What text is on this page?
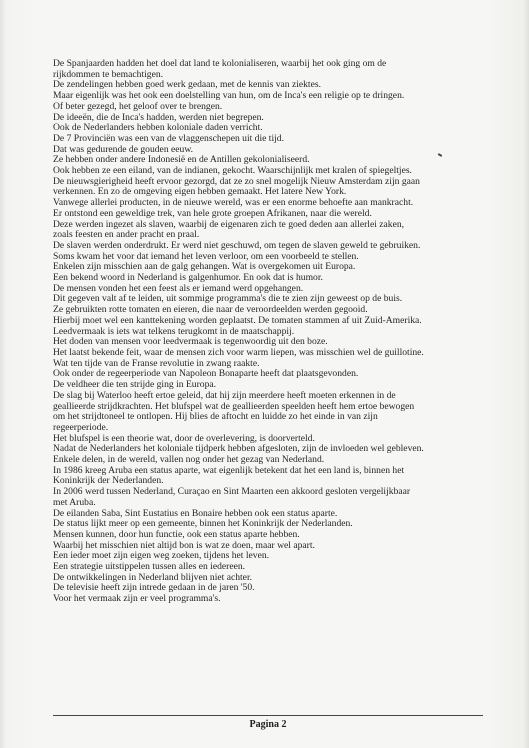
De Spanjaarden hadden het doel dat land te kolonialiseren, waarbij het ook ging om de
rijkdommen te bemachtigen.
De zendelingen hebben goed werk gedaan, met de kennis van ziektes.
Maar eigenlijk was het ook een doelstelling van hun, om de Inca's een religie op te dringen.
Of beter gezegd, het geloof over te brengen.
De ideeën, die de Inca's hadden, werden niet begrepen.
Ook de Nederlanders hebben koloniale daden verricht.
De 7 Provinciën was een van de vlaggenschepen uit die tijd.
Dat was gedurende de gouden eeuw.
Ze hebben onder andere Indonesië en de Antillen gekolonialiseerd.
Ook hebben ze een eiland, van de indianen, gekocht. Waarschijnlijk met kralen of spiegeltjes.
De nieuwsgierigheid heeft ervoor gezorgd, dat ze zo snel mogelijk Nieuw Amsterdam zijn gaan
verkennen. En zo de omgeving eigen hebben gemaakt. Het latere New York.
Vanwege allerlei producten, in de nieuwe wereld, was er een enorme behoefte aan mankracht.
Er ontstond een geweldige trek, van hele grote groepen Afrikanen, naar die wereld.
Deze werden ingezet als slaven, waarbij de eigenaren zich te goed deden aan allerlei zaken,
zoals feesten en ander pracht en praal.
De slaven werden onderdrukt. Er werd niet geschuwd, om tegen de slaven geweld te gebruiken.
Soms kwam het voor dat iemand het leven verloor, om een voorbeeld te stellen.
Enkelen zijn misschien aan de galg gehangen. Wat is overgekomen uit Europa.
Een bekend woord in Nederland is galgenhumor. En ook dat is humor.
De mensen vonden het een feest als er iemand werd opgehangen.
Dit gegeven valt af te leiden, uit sommige programma's die te zien zijn geweest op de buis.
Ze gebruikten rotte tomaten en eieren, die naar de veroordeelden werden gegooid.
Hierbij moet wel een kanttekening worden geplaatst. De tomaten stammen af uit Zuid-Amerika.
Leedvermaak is iets wat telkens terugkomt in de maatschappij.
Het doden van mensen voor leedvermaak is tegenwoordig uit den boze.
Het laatst bekende feit, waar de mensen zich voor warm liepen, was misschien wel de guillotine.
Wat ten tijde van de Franse revolutie in zwang raakte.
Ook onder de regeerperiode van Napoleon Bonaparte heeft dat plaatsgevonden.
De veldheer die ten strijde ging in Europa.
De slag bij Waterloo heeft ertoe geleid, dat hij zijn meerdere heeft moeten erkennen in de
geallieerde strijdkrachten. Het blufspel wat de geallieerden speelden heeft hem ertoe bewogen
om het strijdtoneel te ontlopen. Hij blies de aftocht en luidde zo het einde in van zijn
regeerperiode.
Het blufspel is een theorie wat, door de overlevering, is doorverteld.
Nadat de Nederlanders het koloniale tijdperk hebben afgesloten, zijn de invloeden wel gebleven.
Enkele delen, in de wereld, vallen nog onder het gezag van Nederland.
In 1986 kreeg Aruba een status aparte, wat eigenlijk betekent dat het een land is, binnen het
Koninkrijk der Nederlanden.
In 2006 werd tussen Nederland, Curaçao en Sint Maarten een akkoord gesloten vergelijkbaar
met Aruba.
De eilanden Saba, Sint Eustatius en Bonaire hebben ook een status aparte.
De status lijkt meer op een gemeente, binnen het Koninkrijk der Nederlanden.
Mensen kunnen, door hun functie, ook een status aparte hebben.
Waarbij het misschien niet altijd bon is wat ze doen, maar wel apart.
Een ieder moet zijn eigen weg zoeken, tijdens het leven.
Een strategie uitstippelen tussen alles en iedereen.
De ontwikkelingen in Nederland blijven niet achter.
De televisie heeft zijn intrede gedaan in de jaren '50.
Voor het vermaak zijn er veel programma's.
Pagina 2
